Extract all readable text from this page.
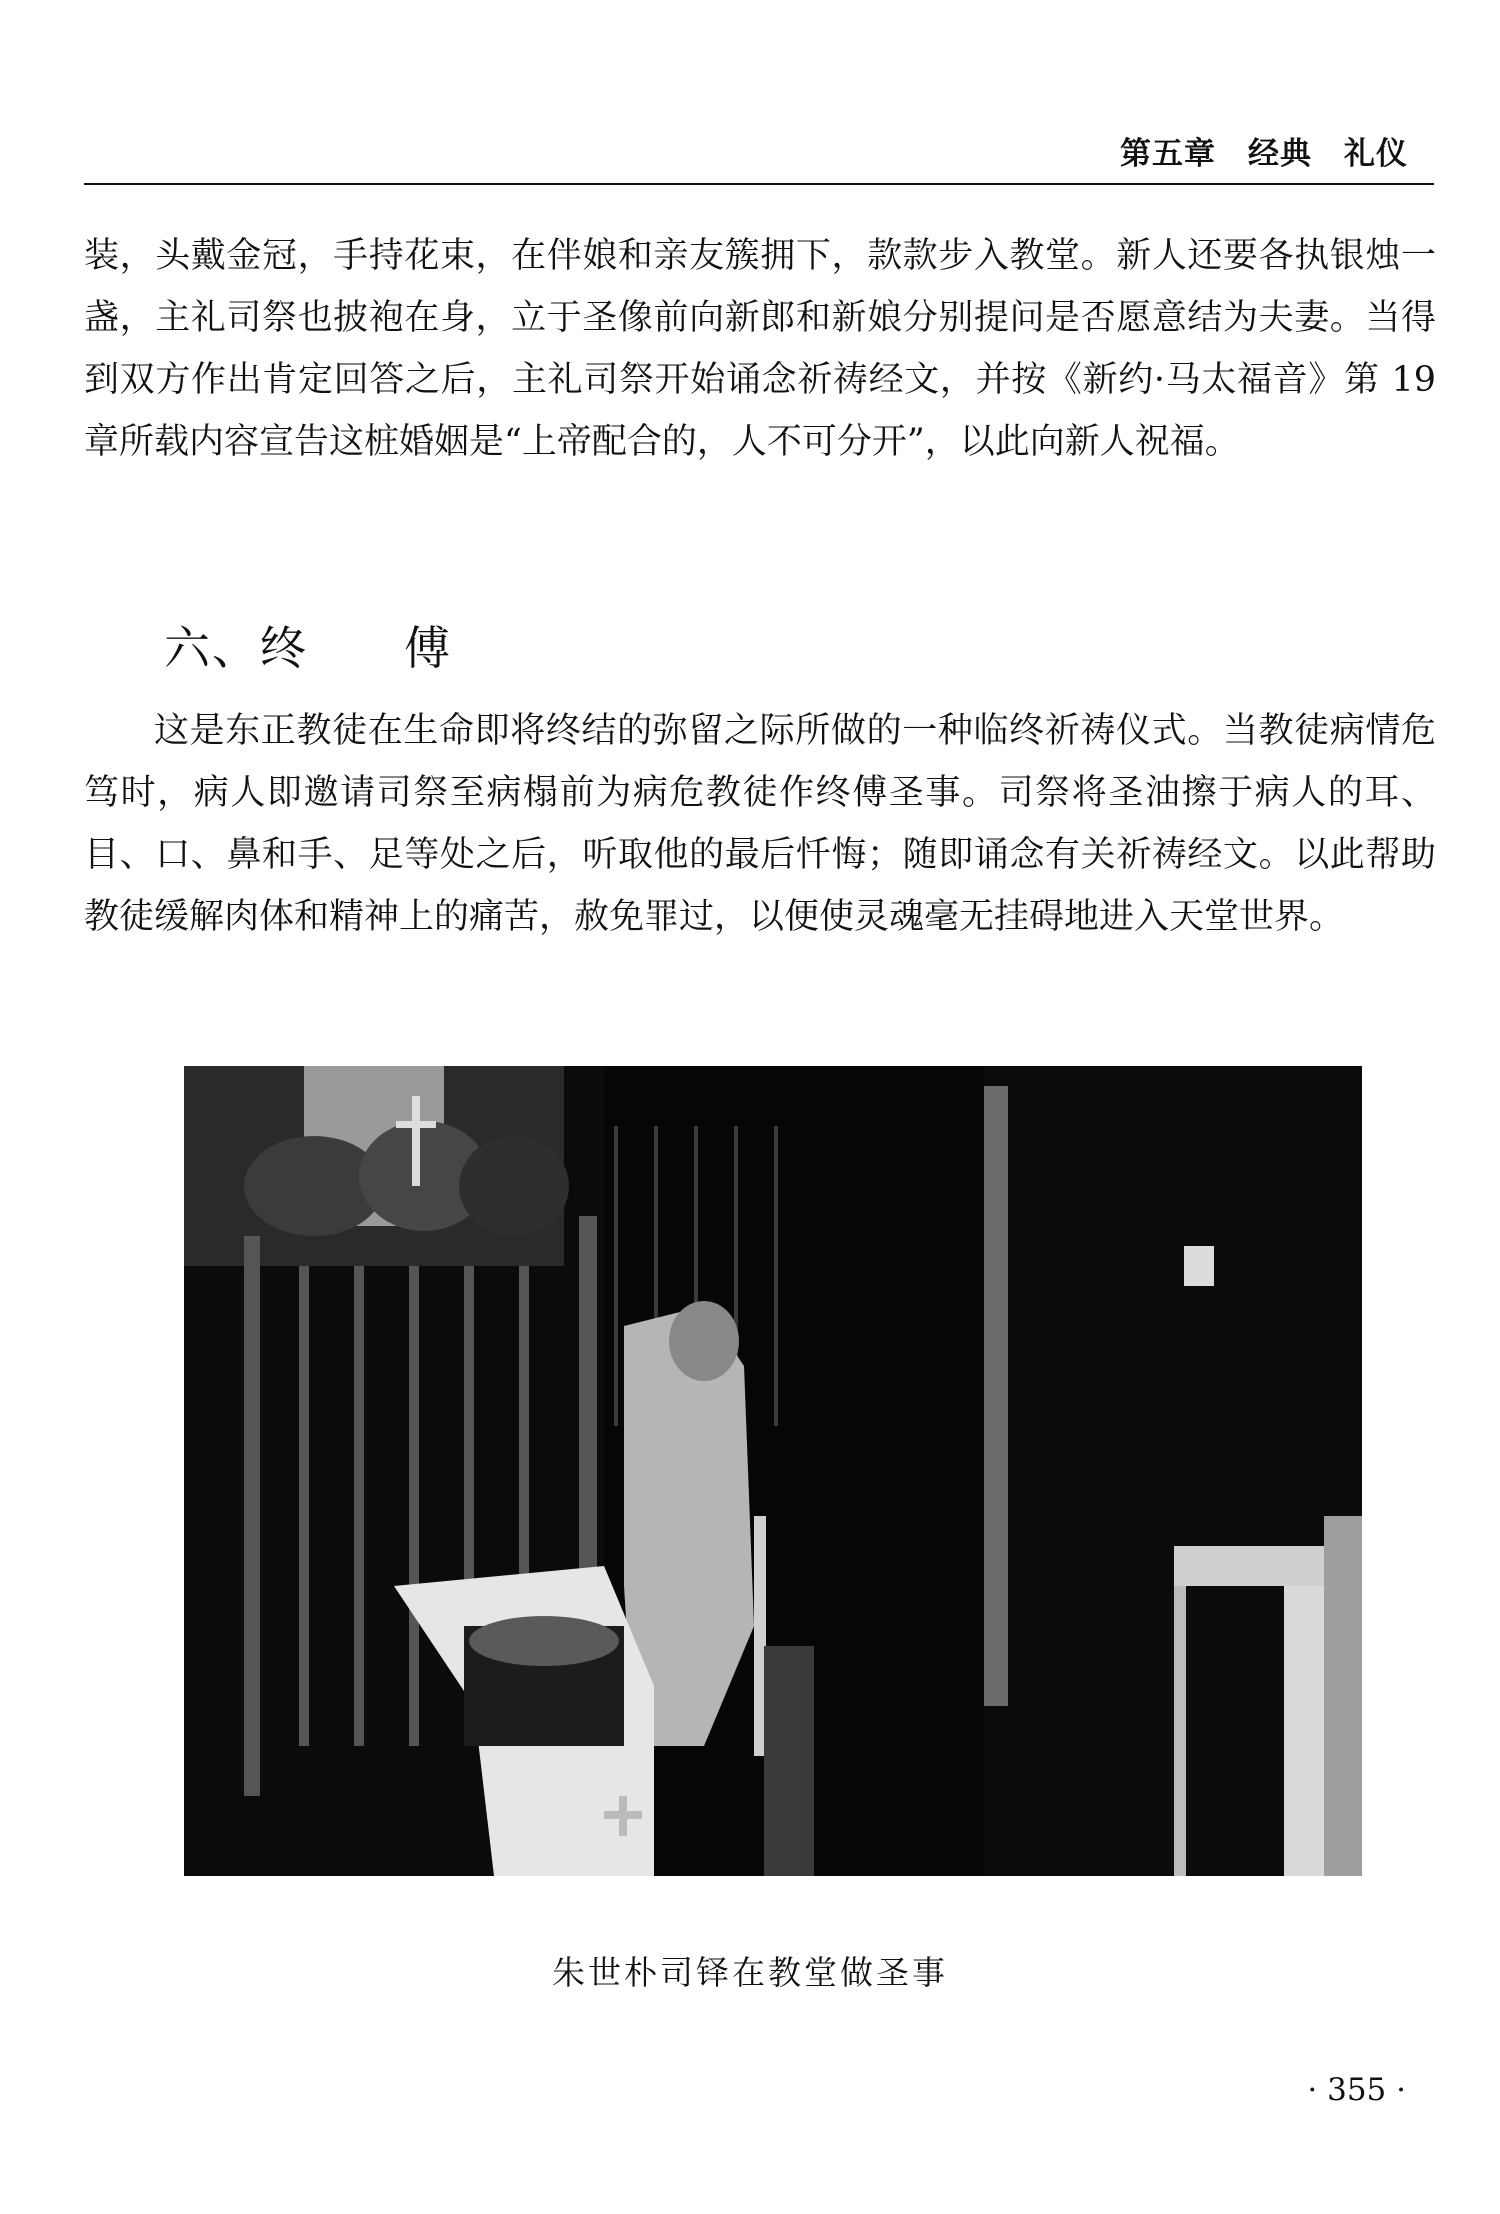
第五章　经典　礼仪
装，头戴金冠，手持花束，在伴娘和亲友簇拥下，款款步入教堂。新人还要各执银烛一盏，主礼司祭也披袍在身，立于圣像前向新郎和新娘分别提问是否愿意结为夫妻。当得到双方作出肯定回答之后，主礼司祭开始诵念祈祷经文，并按《新约·马太福音》第 19 章所载内容宣告这桩婚姻是“上帝配合的，人不可分开”，以此向新人祝福。
六、终　　傅
这是东正教徒在生命即将终结的弥留之际所做的一种临终祈祷仪式。当教徒病情危笃时，病人即邀请司祭至病榻前为病危教徒作终傅圣事。司祭将圣油擦于病人的耳、目、口、鼻和手、足等处之后，听取他的最后忏悔；随即诵念有关祈祷经文。以此帮助教徒缓解肉体和精神上的痛苦，赦免罪过，以便使灵魂毫无挂碍地进入天堂世界。
朱世朴司铎在教堂做圣事
· 355 ·
